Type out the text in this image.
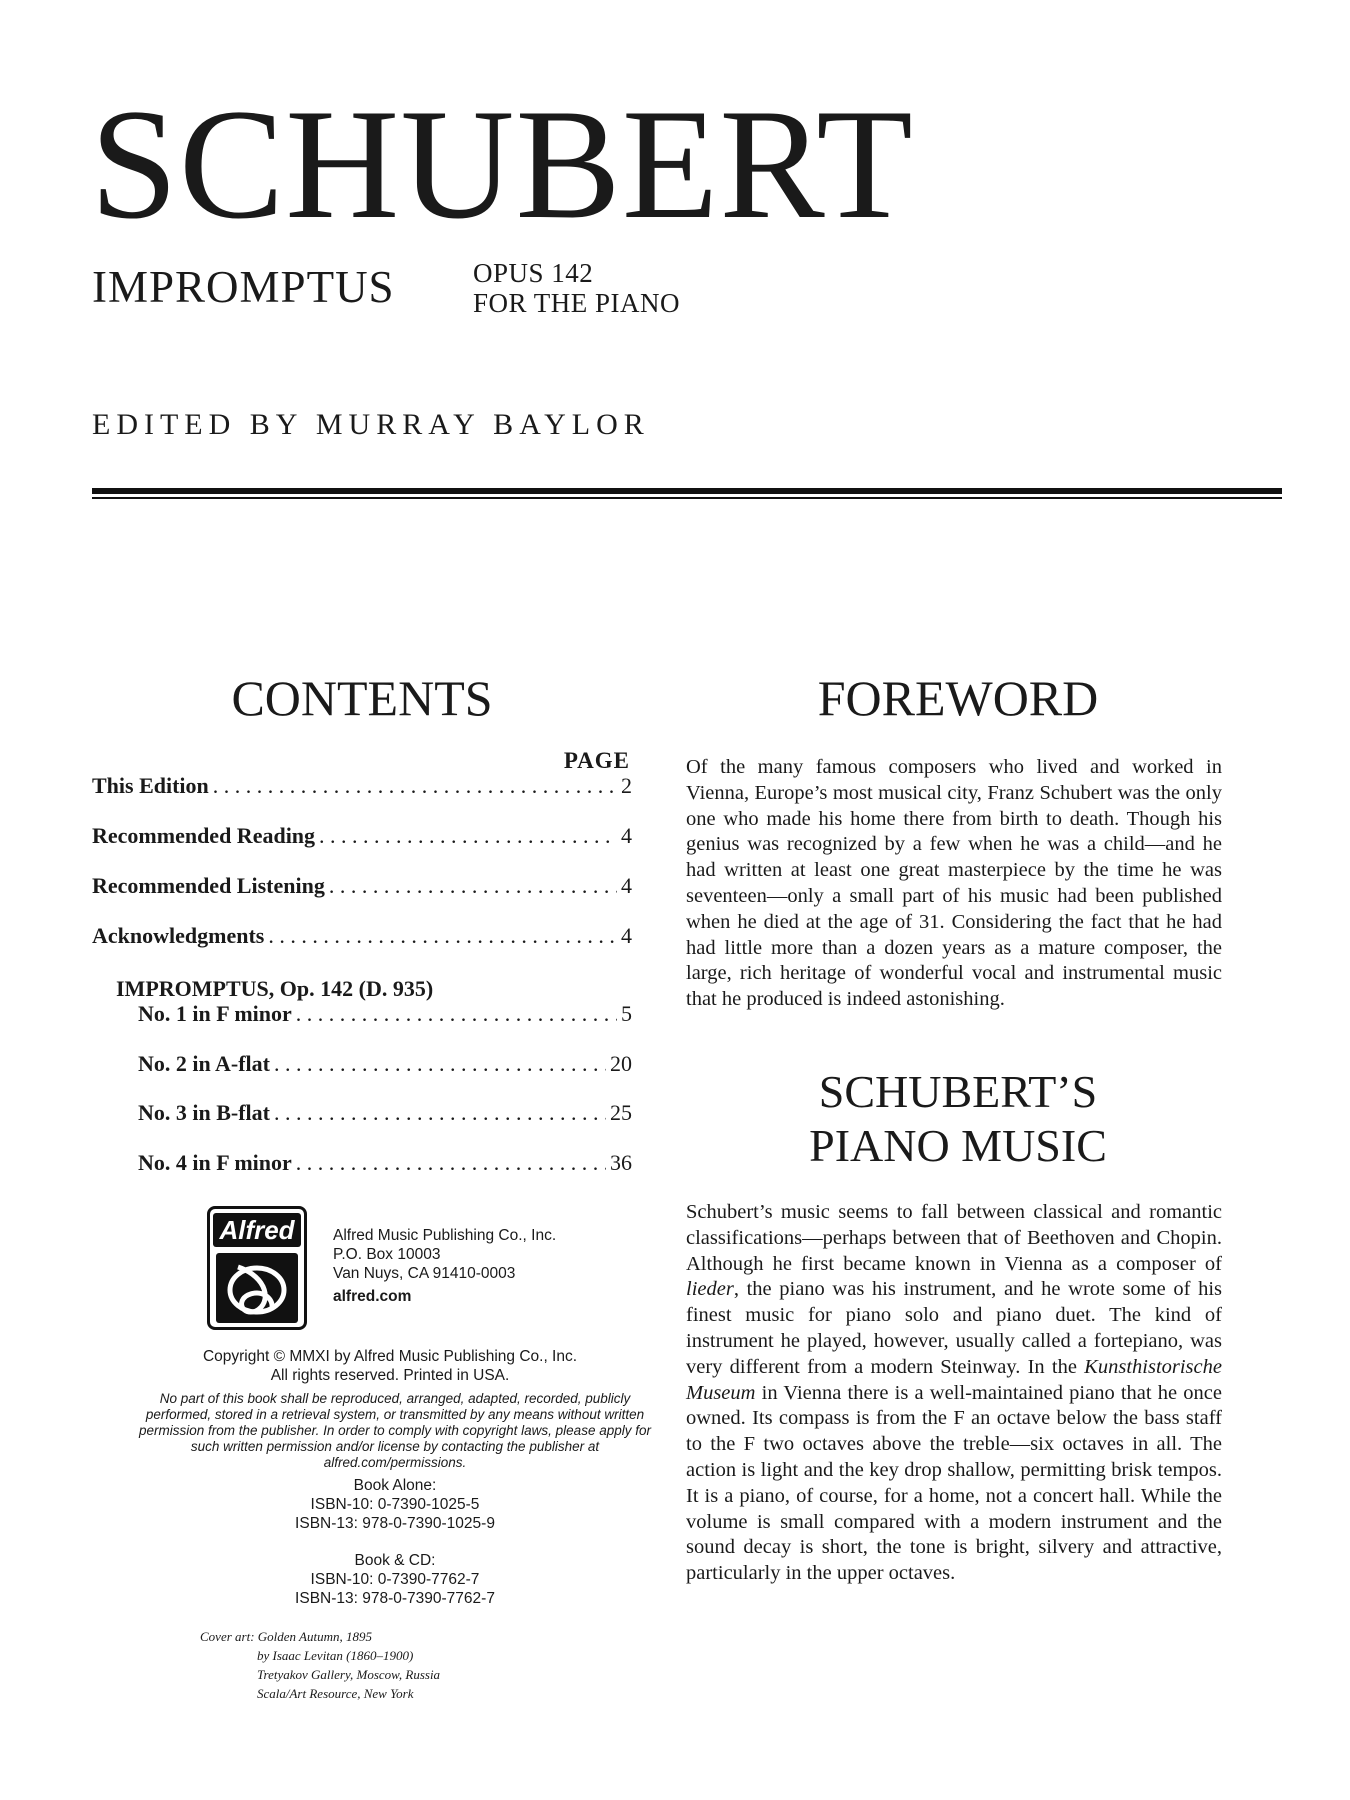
SCHUBERT
IMPROMPTUS	OPUS 142
FOR THE PIANO
EDITED BY MURRAY BAYLOR
CONTENTS
PAGE
This Edition . . .	2
Recommended Reading . . .	4
Recommended Listening . . .	4
Acknowledgments . . .	4
IMPROMPTUS, Op. 142 (D. 935)
No. 1 in F minor . . .	5
No. 2 in A-flat . . .	20
No. 3 in B-flat . . .	25
No. 4 in F minor . . .	36
Alfred	Alfred Music Publishing Co., Inc.
P.O. Box 10003
Van Nuys, CA 91410-0003
alfred.com
Copyright © MMXI by Alfred Music Publishing Co., Inc.
All rights reserved. Printed in USA.
No part of this book shall be reproduced, arranged, adapted, recorded, publicly performed, stored in a retrieval system, or transmitted by any means without written permission from the publisher. In order to comply with copyright laws, please apply for such written permission and/or license by contacting the publisher at alfred.com/permissions.
Book Alone:
ISBN-10: 0-7390-1025-5
ISBN-13: 978-0-7390-1025-9
Book & CD:
ISBN-10: 0-7390-7762-7
ISBN-13: 978-0-7390-7762-7
Cover art: Golden Autumn, 1895
by Isaac Levitan (1860–1900)
Tretyakov Gallery, Moscow, Russia
Scala/Art Resource, New York
FOREWORD
Of the many famous composers who lived and worked in Vienna, Europe’s most musical city, Franz Schubert was the only one who made his home there from birth to death. Though his genius was recognized by a few when he was a child—and he had written at least one great masterpiece by the time he was seventeen—only a small part of his music had been published when he died at the age of 31. Considering the fact that he had had little more than a dozen years as a mature composer, the large, rich heritage of wonderful vocal and instrumental music that he produced is indeed astonishing.
SCHUBERT’S
PIANO MUSIC
Schubert’s music seems to fall between classical and romantic classifications—perhaps between that of Beethoven and Chopin. Although he first became known in Vienna as a composer of lieder, the piano was his instrument, and he wrote some of his finest music for piano solo and piano duet. The kind of instrument he played, however, usually called a fortepiano, was very different from a modern Steinway. In the Kunsthistorische Museum in Vienna there is a well-maintained piano that he once owned. Its compass is from the F an octave below the bass staff to the F two octaves above the treble—six octaves in all. The action is light and the key drop shallow, permitting brisk tempos. It is a piano, of course, for a home, not a concert hall. While the volume is small compared with a modern instrument and the sound decay is short, the tone is bright, silvery and attractive, particularly in the upper octaves.
